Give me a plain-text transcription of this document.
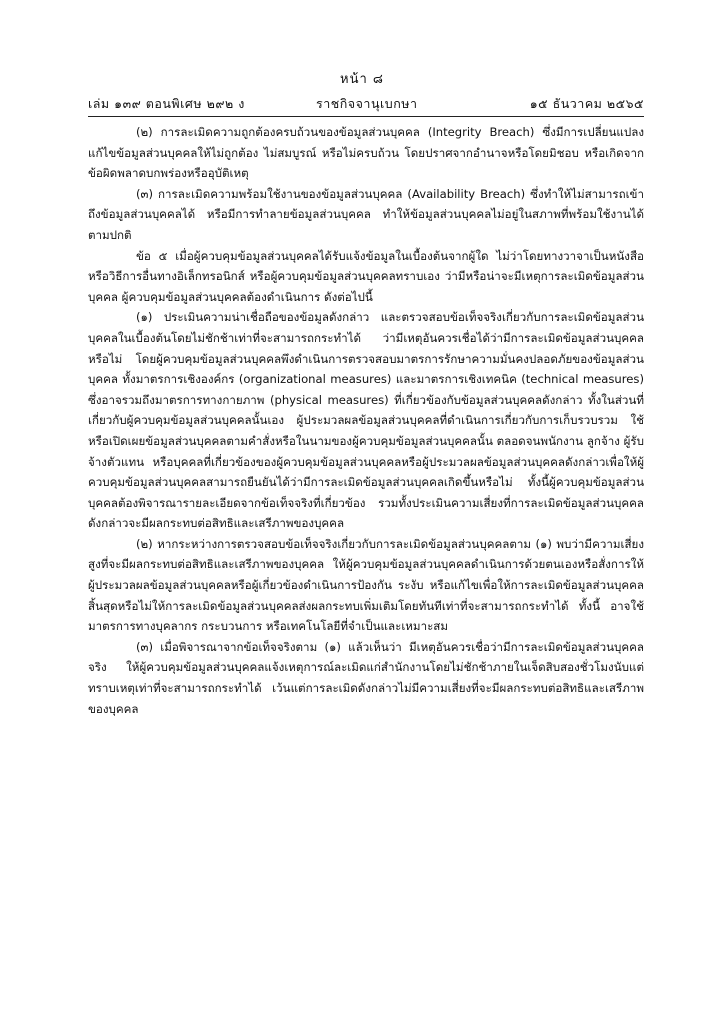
หน้า ๘
เล่ม ๑๓๙ ตอนพิเศษ ๒๙๒ ง	ราชกิจจานุเบกษา	๑๕ ธันวาคม ๒๕๖๕

(๒) การละเมิดความถูกต้องครบถ้วนของข้อมูลส่วนบุคคล (Integrity Breach) ซึ่งมีการเปลี่ยนแปลง แก้ไขข้อมูลส่วนบุคคลให้ไม่ถูกต้อง ไม่สมบูรณ์ หรือไม่ครบถ้วน โดยปราศจากอำนาจหรือโดยมิชอบ หรือเกิดจากข้อผิดพลาดบกพร่องหรืออุบัติเหตุ

(๓) การละเมิดความพร้อมใช้งานของข้อมูลส่วนบุคคล (Availability Breach) ซึ่งทำให้ไม่สามารถเข้าถึงข้อมูลส่วนบุคคลได้ หรือมีการทำลายข้อมูลส่วนบุคคล ทำให้ข้อมูลส่วนบุคคลไม่อยู่ในสภาพที่พร้อมใช้งานได้ตามปกติ

ข้อ ๕ เมื่อผู้ควบคุมข้อมูลส่วนบุคคลได้รับแจ้งข้อมูลในเบื้องต้นจากผู้ใด ไม่ว่าโดยทางวาจาเป็นหนังสือ หรือวิธีการอื่นทางอิเล็กทรอนิกส์ หรือผู้ควบคุมข้อมูลส่วนบุคคลทราบเอง ว่ามีหรือน่าจะมีเหตุการละเมิดข้อมูลส่วนบุคคล ผู้ควบคุมข้อมูลส่วนบุคคลต้องดำเนินการ ดังต่อไปนี้

(๑) ประเมินความน่าเชื่อถือของข้อมูลดังกล่าว และตรวจสอบข้อเท็จจริงเกี่ยวกับการละเมิดข้อมูลส่วนบุคคลในเบื้องต้นโดยไม่ชักช้าเท่าที่จะสามารถกระทำได้ ว่ามีเหตุอันควรเชื่อได้ว่ามีการละเมิดข้อมูลส่วนบุคคลหรือไม่ โดยผู้ควบคุมข้อมูลส่วนบุคคลพึงดำเนินการตรวจสอบมาตรการรักษาความมั่นคงปลอดภัยของข้อมูลส่วนบุคคล ทั้งมาตรการเชิงองค์กร (organizational measures) และมาตรการเชิงเทคนิค (technical measures) ซึ่งอาจรวมถึงมาตรการทางกายภาพ (physical measures) ที่เกี่ยวข้องกับข้อมูลส่วนบุคคลดังกล่าว ทั้งในส่วนที่เกี่ยวกับผู้ควบคุมข้อมูลส่วนบุคคลนั้นเอง ผู้ประมวลผลข้อมูลส่วนบุคคลที่ดำเนินการเกี่ยวกับการเก็บรวบรวม ใช้ หรือเปิดเผยข้อมูลส่วนบุคคลตามคำสั่งหรือในนามของผู้ควบคุมข้อมูลส่วนบุคคลนั้น ตลอดจนพนักงาน ลูกจ้าง ผู้รับจ้างตัวแทน หรือบุคคลที่เกี่ยวข้องของผู้ควบคุมข้อมูลส่วนบุคคลหรือผู้ประมวลผลข้อมูลส่วนบุคคลดังกล่าวเพื่อให้ผู้ควบคุมข้อมูลส่วนบุคคลสามารถยืนยันได้ว่ามีการละเมิดข้อมูลส่วนบุคคลเกิดขึ้นหรือไม่ ทั้งนี้ผู้ควบคุมข้อมูลส่วนบุคคลต้องพิจารณารายละเอียดจากข้อเท็จจริงที่เกี่ยวข้อง รวมทั้งประเมินความเสี่ยงที่การละเมิดข้อมูลส่วนบุคคลดังกล่าวจะมีผลกระทบต่อสิทธิและเสรีภาพของบุคคล

(๒) หากระหว่างการตรวจสอบข้อเท็จจริงเกี่ยวกับการละเมิดข้อมูลส่วนบุคคลตาม (๑) พบว่ามีความเสี่ยงสูงที่จะมีผลกระทบต่อสิทธิและเสรีภาพของบุคคล ให้ผู้ควบคุมข้อมูลส่วนบุคคลดำเนินการด้วยตนเองหรือสั่งการให้ผู้ประมวลผลข้อมูลส่วนบุคคลหรือผู้เกี่ยวข้องดำเนินการป้องกัน ระงับ หรือแก้ไขเพื่อให้การละเมิดข้อมูลส่วนบุคคลสิ้นสุดหรือไม่ให้การละเมิดข้อมูลส่วนบุคคลส่งผลกระทบเพิ่มเติมโดยทันทีเท่าที่จะสามารถกระทำได้ ทั้งนี้ อาจใช้มาตรการทางบุคลากร กระบวนการ หรือเทคโนโลยีที่จำเป็นและเหมาะสม

(๓) เมื่อพิจารณาจากข้อเท็จจริงตาม (๑) แล้วเห็นว่า มีเหตุอันควรเชื่อว่ามีการละเมิดข้อมูลส่วนบุคคลจริง ให้ผู้ควบคุมข้อมูลส่วนบุคคลแจ้งเหตุการณ์ละเมิดแก่สำนักงานโดยไม่ชักช้าภายในเจ็ดสิบสองชั่วโมงนับแต่ทราบเหตุเท่าที่จะสามารถกระทำได้ เว้นแต่การละเมิดดังกล่าวไม่มีความเสี่ยงที่จะมีผลกระทบต่อสิทธิและเสรีภาพของบุคคล
